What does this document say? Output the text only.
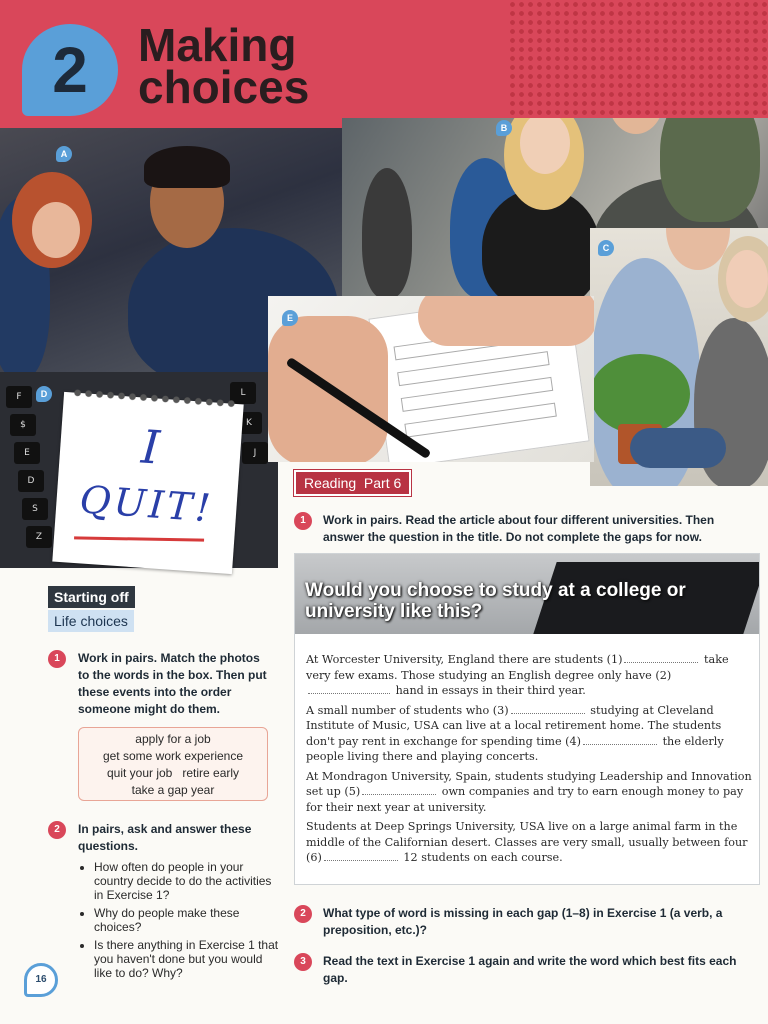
2 Making
choices
A
B
C
F
$
E
D
S
Z
L
K
J
I
QUIT!
D
E
Starting off
Life choices
1	Work in pairs. Match the photos to the words in the box. Then put these events into the order someone might do them.
apply for a job
get some work experience
quit your job   retire early
take a gap year
2	In pairs, ask and answer these questions.
• How often do people in your country decide to do the activities in Exercise 1?
• Why do people make these choices?
• Is there anything in Exercise 1 that you haven't done but you would like to do? Why?
16
Reading  Part 6
1	Work in pairs. Read the article about four different universities. Then answer the question in the title. Do not complete the gaps for now.
Would you choose to study at a college or university like this?

At Worcester University, England there are students (1)	take very few exams. Those studying an English degree only have (2) hand in essays in their third year.

A small number of students who (3)	studying at Cleveland Institute of Music, USA can live at a local retirement home. The students don't pay rent in exchange for spending time (4)	the elderly people living there and playing concerts.

At Mondragon University, Spain, students studying Leadership and Innovation set up (5)	own companies and try to earn enough money to pay for their next year at university.

Students at Deep Springs University, USA live on a large animal farm in the middle of the Californian desert. Classes are very small, usually between four (6)	12 students on each course.

2	What type of word is missing in each gap (1–8) in Exercise 1 (a verb, a preposition, etc.)?
3	Read the text in Exercise 1 again and write the word which best fits each gap.
